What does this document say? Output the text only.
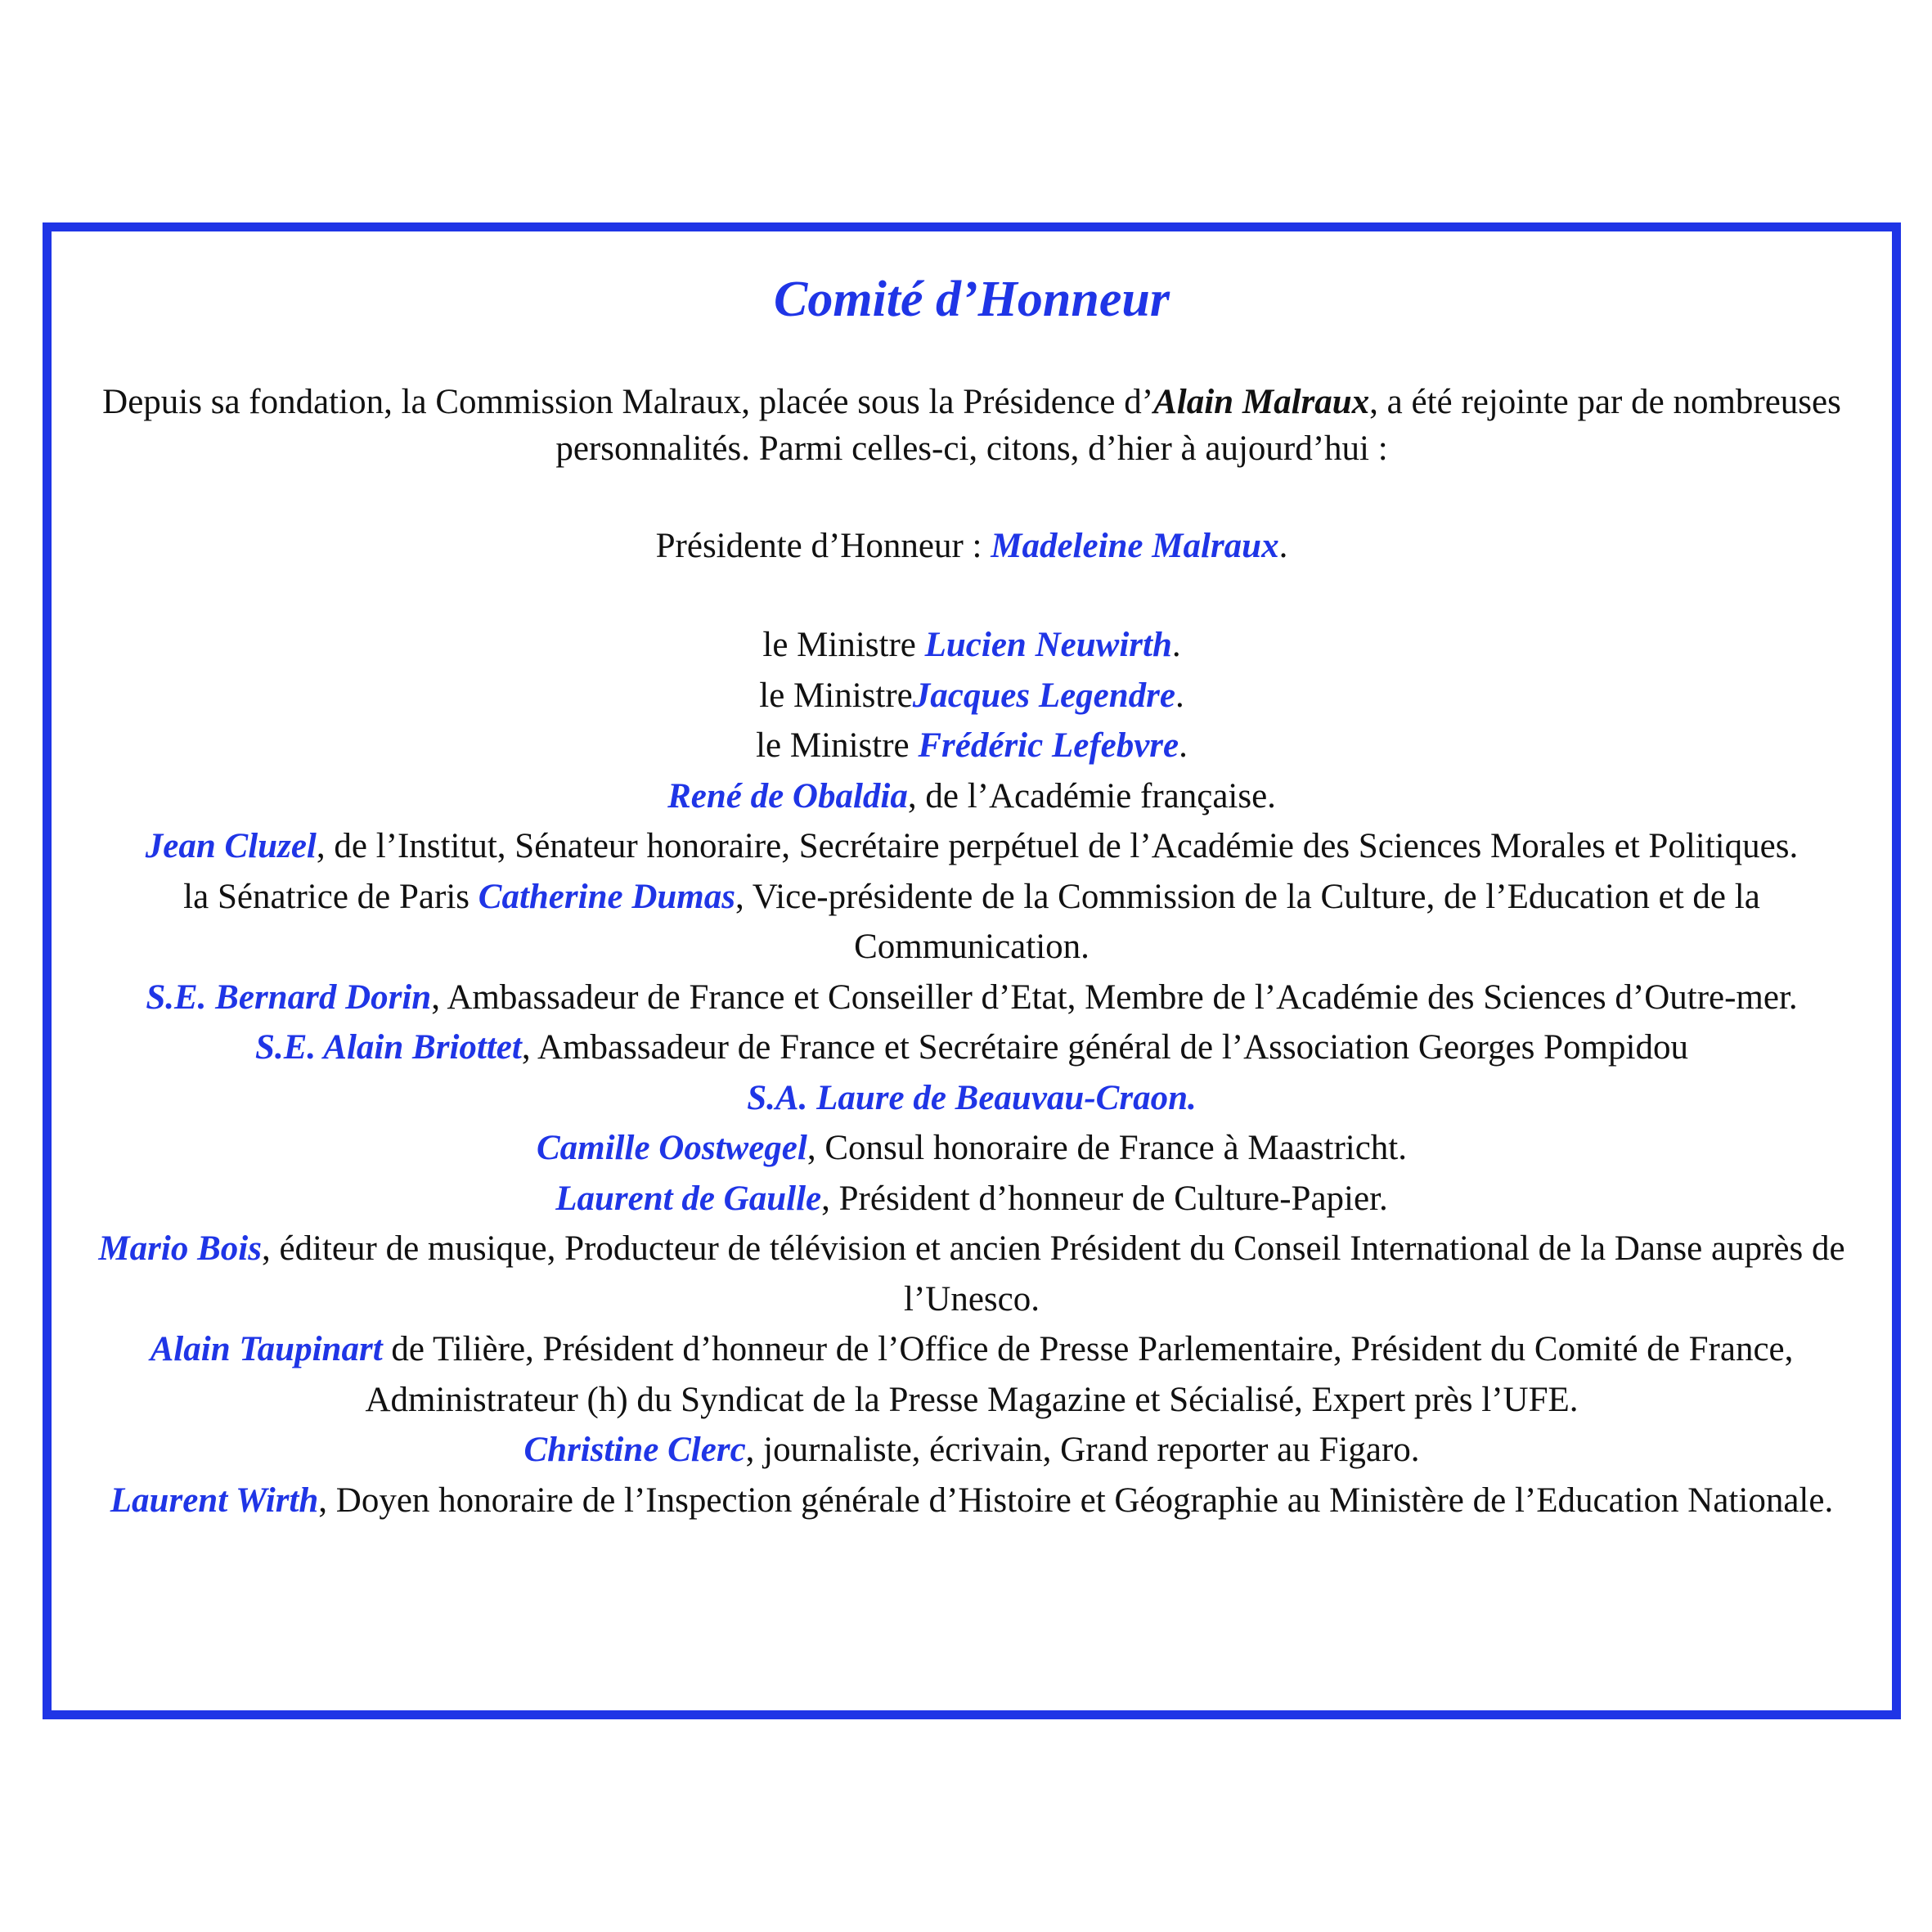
Comité d’Honneur
Depuis sa fondation, la Commission Malraux, placée sous la Présidence d’Alain Malraux, a été rejointe par de nombreuses personnalités. Parmi celles-ci, citons, d’hier à aujourd’hui :
Présidente d’Honneur : Madeleine Malraux.
le Ministre Lucien Neuwirth.
le MinistreJacques Legendre.
le Ministre Frédéric Lefebvre.
René de Obaldia, de l’Académie française.
Jean Cluzel, de l’Institut, Sénateur honoraire, Secrétaire perpétuel de l’Académie des Sciences Morales et Politiques.
la Sénatrice de Paris Catherine Dumas, Vice-présidente de la Commission de la Culture, de l’Education et de la Communication.
S.E. Bernard Dorin, Ambassadeur de France et Conseiller d’Etat, Membre de l’Académie des Sciences d’Outre-mer.
S.E. Alain Briottet, Ambassadeur de France et Secrétaire général de l’Association Georges Pompidou
S.A. Laure de Beauvau-Craon.
Camille Oostwegel, Consul honoraire de France à Maastricht.
Laurent de Gaulle, Président d’honneur de Culture-Papier.
Mario Bois, éditeur de musique, Producteur de télévision et ancien Président du Conseil International de la Danse auprès de l’Unesco.
Alain Taupinart de Tilière, Président d’honneur de l’Office de Presse Parlementaire, Président du Comité de France, Administrateur (h) du Syndicat de la Presse Magazine et Sécialisé, Expert près l’UFE.
Christine Clerc, journaliste, écrivain, Grand reporter au Figaro.
Laurent Wirth, Doyen honoraire de l’Inspection générale d’Histoire et Géographie au Ministère de l’Education Nationale.
